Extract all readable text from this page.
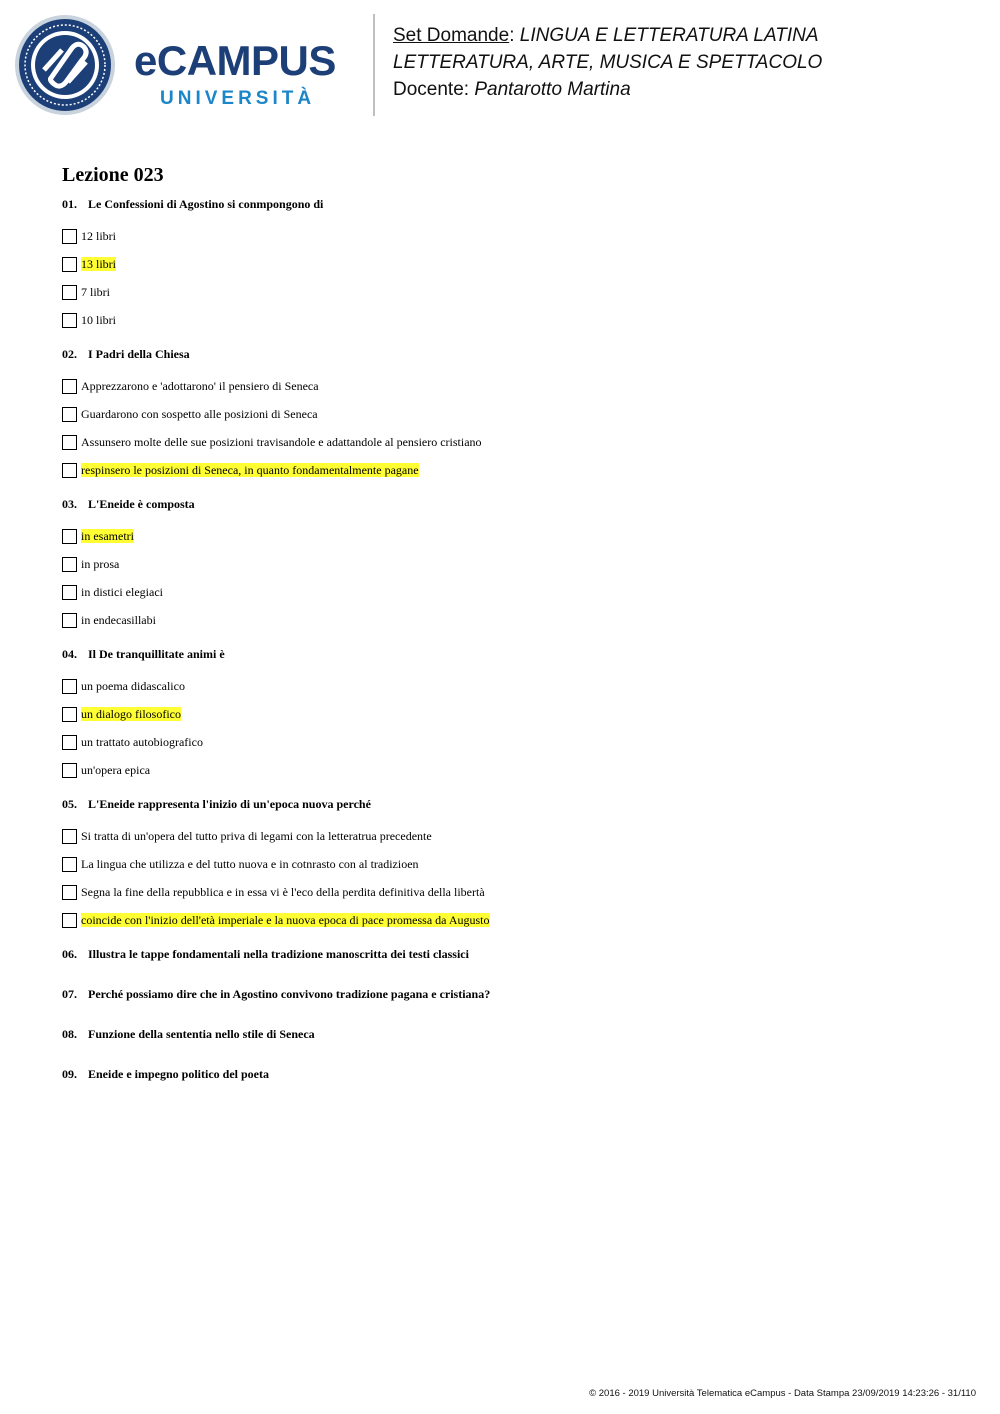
eCAMPUS
UNIVERSITÀ
Set Domande: LINGUA E LETTERATURA LATINA
LETTERATURA, ARTE, MUSICA E SPETTACOLO
Docente: Pantarotto Martina
Lezione 023
01. Le Confessioni di Agostino si conmpongono di
12 libri
13 libri
7 libri
10 libri
02. I Padri della Chiesa
Apprezzarono e 'adottarono' il pensiero di Seneca
Guardarono con sospetto alle posizioni di Seneca
Assunsero molte delle sue posizioni travisandole e adattandole al pensiero cristiano
respinsero le posizioni di Seneca, in quanto fondamentalmente pagane
03. L'Eneide è composta
in esametri
in prosa
in distici elegiaci
in endecasillabi
04. Il De tranquillitate animi è
un poema didascalico
un dialogo filosofico
un trattato autobiografico
un'opera epica
05. L'Eneide rappresenta l'inizio di un'epoca nuova perché
Si tratta di un'opera del tutto priva di legami con la letteratrua precedente
La lingua che utilizza e del tutto nuova e in cotnrasto con al tradizioen
Segna la fine della repubblica e in essa vi è l'eco della perdita definitiva della libertà
coincide con l'inizio dell'età imperiale e la nuova epoca di pace promessa da Augusto
06. Illustra le tappe fondamentali nella tradizione manoscritta dei testi classici
07. Perché possiamo dire che in Agostino convivono tradizione pagana e cristiana?
08. Funzione della sententia nello stile di Seneca
09. Eneide e impegno politico del poeta
© 2016 - 2019 Università Telematica eCampus - Data Stampa 23/09/2019 14:23:26 - 31/110
